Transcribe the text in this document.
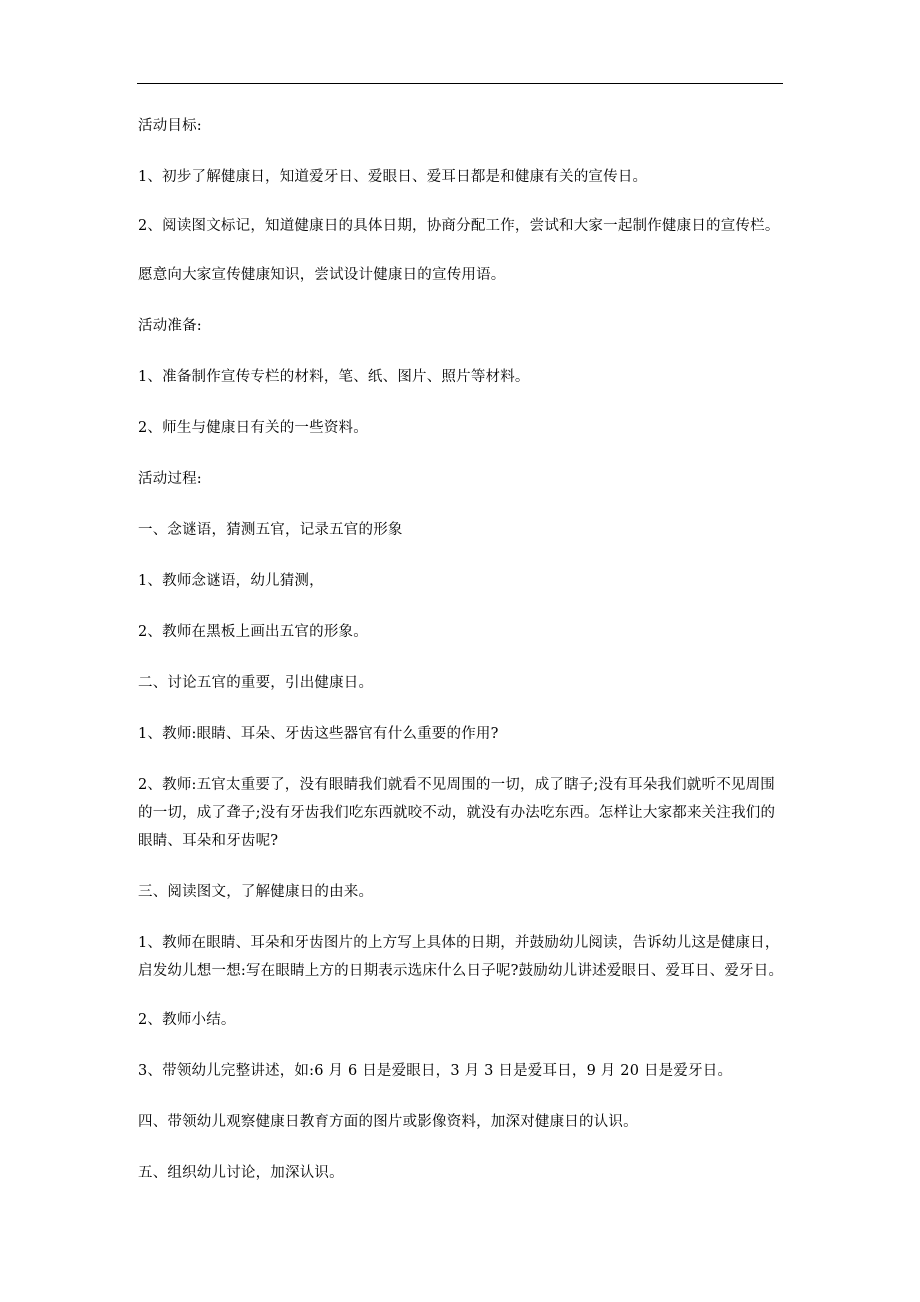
活动目标:

1、初步了解健康日，知道爱牙日、爱眼日、爱耳日都是和健康有关的宣传日。

2、阅读图文标记，知道健康日的具体日期，协商分配工作，尝试和大家一起制作健康日的宣传栏。

愿意向大家宣传健康知识，尝试设计健康日的宣传用语。

活动准备:

1、准备制作宣传专栏的材料，笔、纸、图片、照片等材料。

2、师生与健康日有关的一些资料。

活动过程:

一、念谜语，猜测五官，记录五官的形象

1、教师念谜语，幼儿猜测，

2、教师在黑板上画出五官的形象。

二、讨论五官的重要，引出健康日。

1、教师:眼睛、耳朵、牙齿这些器官有什么重要的作用?

2、教师:五官太重要了，没有眼睛我们就看不见周围的一切，成了瞎子;没有耳朵我们就听不见周围的一切，成了聋子;没有牙齿我们吃东西就咬不动，就没有办法吃东西。怎样让大家都来关注我们的眼睛、耳朵和牙齿呢?

三、阅读图文，了解健康日的由来。

1、教师在眼睛、耳朵和牙齿图片的上方写上具体的日期，并鼓励幼儿阅读，告诉幼儿这是健康日，启发幼儿想一想:写在眼睛上方的日期表示选床什么日子呢?鼓励幼儿讲述爱眼日、爱耳日、爱牙日。

2、教师小结。

3、带领幼儿完整讲述，如:6 月 6 日是爱眼日，3 月 3 日是爱耳日，9 月 20 日是爱牙日。

四、带领幼儿观察健康日教育方面的图片或影像资料，加深对健康日的认识。

五、组织幼儿讨论，加深认识。
